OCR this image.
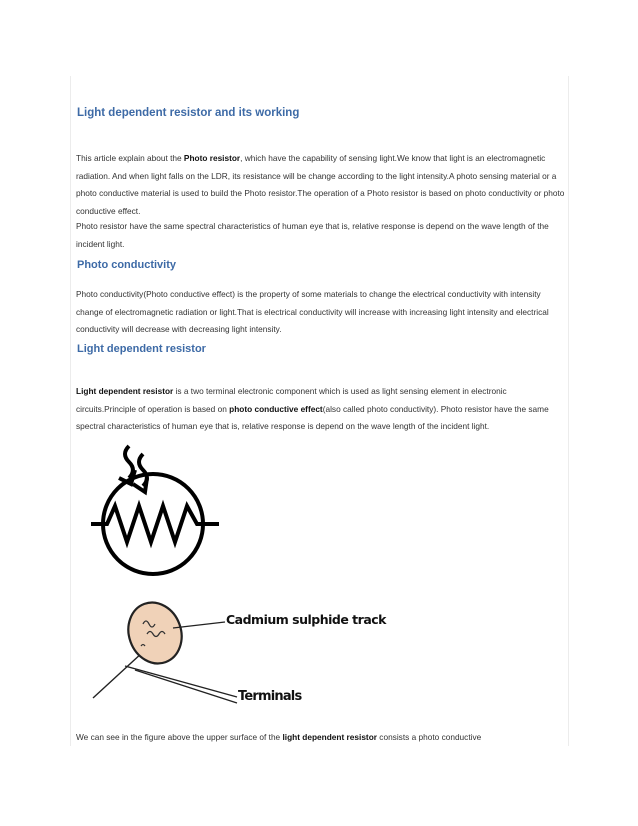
Light dependent resistor and its working

This article explain about the Photo resistor, which have the capability of sensing light.We know that light is an electromagnetic radiation. And when light falls on the LDR, its resistance will be change according to the light intensity.A photo sensing material or a photo conductive material is used to build the Photo resistor.The operation of a Photo resistor is based on photo conductivity or photo conductive effect.

Photo resistor have the same spectral characteristics of human eye that is, relative response is depend on the wave length of the incident light.

Photo conductivity

Photo conductivity(Photo conductive effect) is the property of some materials to change the electrical conductivity with intensity change of electromagnetic radiation or light.That is electrical conductivity will increase with increasing light intensity and electrical conductivity will decrease with decreasing light intensity.

Light dependent resistor

Light dependent resistor is a two terminal electronic component which is used as light sensing element in electronic circuits.Principle of operation is based on photo conductive effect(also called photo conductivity). Photo resistor have the same spectral characteristics of human eye that is, relative response is depend on the wave length of the incident light.

Cadmium sulphide track
Terminals

We can see in the figure above the upper surface of the light dependent resistor consists a photo conductive
